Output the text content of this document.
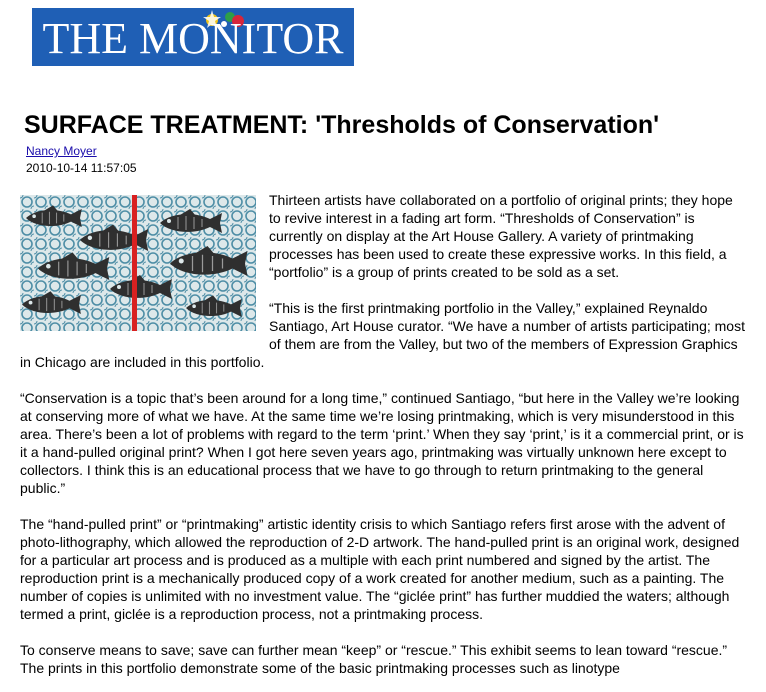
THE MONITOR
SURFACE TREATMENT: 'Thresholds of Conservation'
Nancy Moyer
2010-10-14 11:57:05

Thirteen artists have collaborated on a portfolio of original prints; they hope to revive interest in a fading art form. “Thresholds of Conservation” is currently on display at the Art House Gallery. A variety of printmaking processes has been used to create these expressive works. In this field, a “portfolio” is a group of prints created to be sold as a set.

“This is the first printmaking portfolio in the Valley,” explained Reynaldo Santiago, Art House curator. “We have a number of artists participating; most of them are from the Valley, but two of the members of Expression Graphics in Chicago are included in this portfolio.

“Conservation is a topic that’s been around for a long time,” continued Santiago, “but here in the Valley we’re looking at conserving more of what we have. At the same time we’re losing printmaking, which is very misunderstood in this area. There’s been a lot of problems with regard to the term ‘print.’ When they say ‘print,’ is it a commercial print, or is it a hand-pulled original print? When I got here seven years ago, printmaking was virtually unknown here except to collectors. I think this is an educational process that we have to go through to return printmaking to the general public.”

The “hand-pulled print” or “printmaking” artistic identity crisis to which Santiago refers first arose with the advent of photo-lithography, which allowed the reproduction of 2-D artwork. The hand-pulled print is an original work, designed for a particular art process and is produced as a multiple with each print numbered and signed by the artist. The reproduction print is a mechanically produced copy of a work created for another medium, such as a painting. The number of copies is unlimited with no investment value. The “giclée print” has further muddied the waters; although termed a print, giclée is a reproduction process, not a printmaking process.

To conserve means to save; save can further mean “keep” or “rescue.” This exhibit seems to lean toward “rescue.” The prints in this portfolio demonstrate some of the basic printmaking processes such as linotype
